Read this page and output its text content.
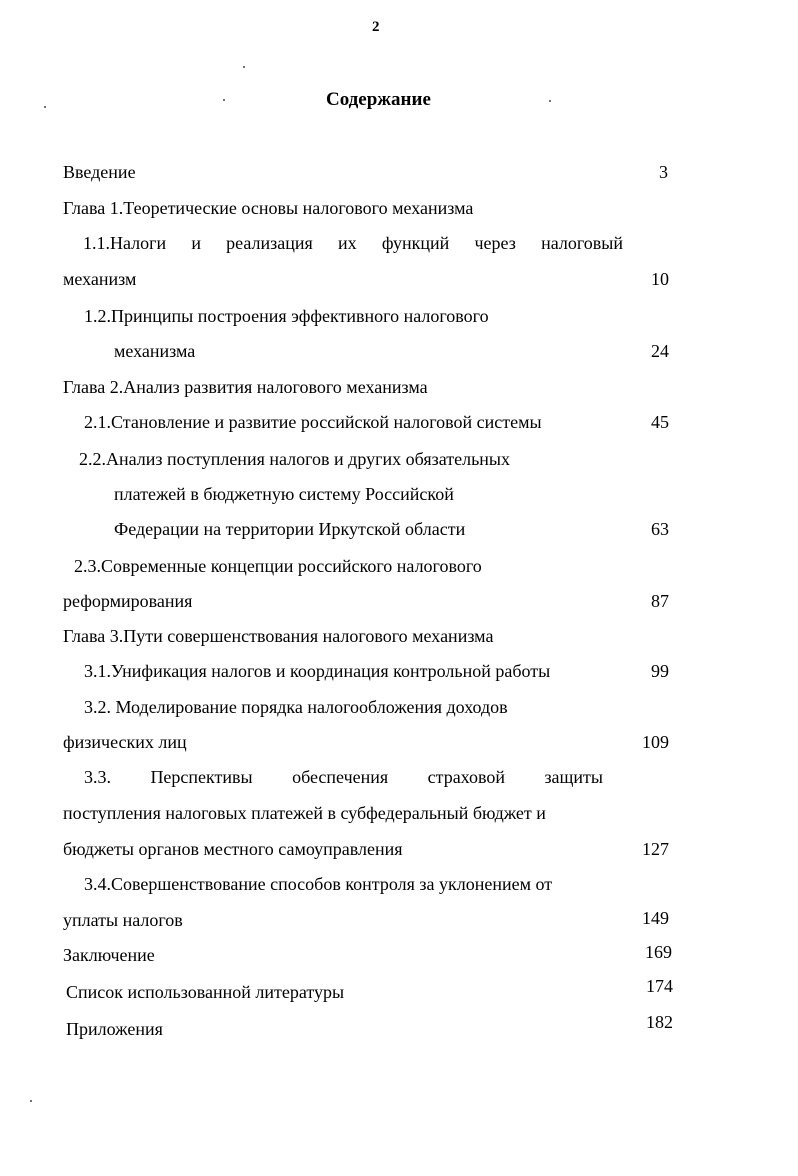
2
Содержание
Введение	3
Глава 1.Теоретические основы налогового механизма
1.1.Налоги и реализация их функций через налоговый
механизм	10
1.2.Принципы построения эффективного налогового
механизма	24
Глава 2.Анализ развития налогового механизма
2.1.Становление и развитие российской налоговой системы	45
2.2.Анализ поступления налогов и других обязательных
платежей в бюджетную систему Российской
Федерации на территории Иркутской области	63
2.3.Современные концепции российского налогового
реформирования	87
Глава 3.Пути совершенствования налогового механизма
3.1.Унификация налогов и координация контрольной работы	99
3.2. Моделирование порядка налогообложения доходов
физических лиц	109
3.3. Перспективы обеспечения страховой защиты
поступления налоговых платежей в субфедеральный бюджет и
бюджеты органов местного самоуправления	127
3.4.Совершенствование способов контроля за уклонением от
уплаты налогов	149
Заключение	169
Список использованной литературы	174
Приложения	182
